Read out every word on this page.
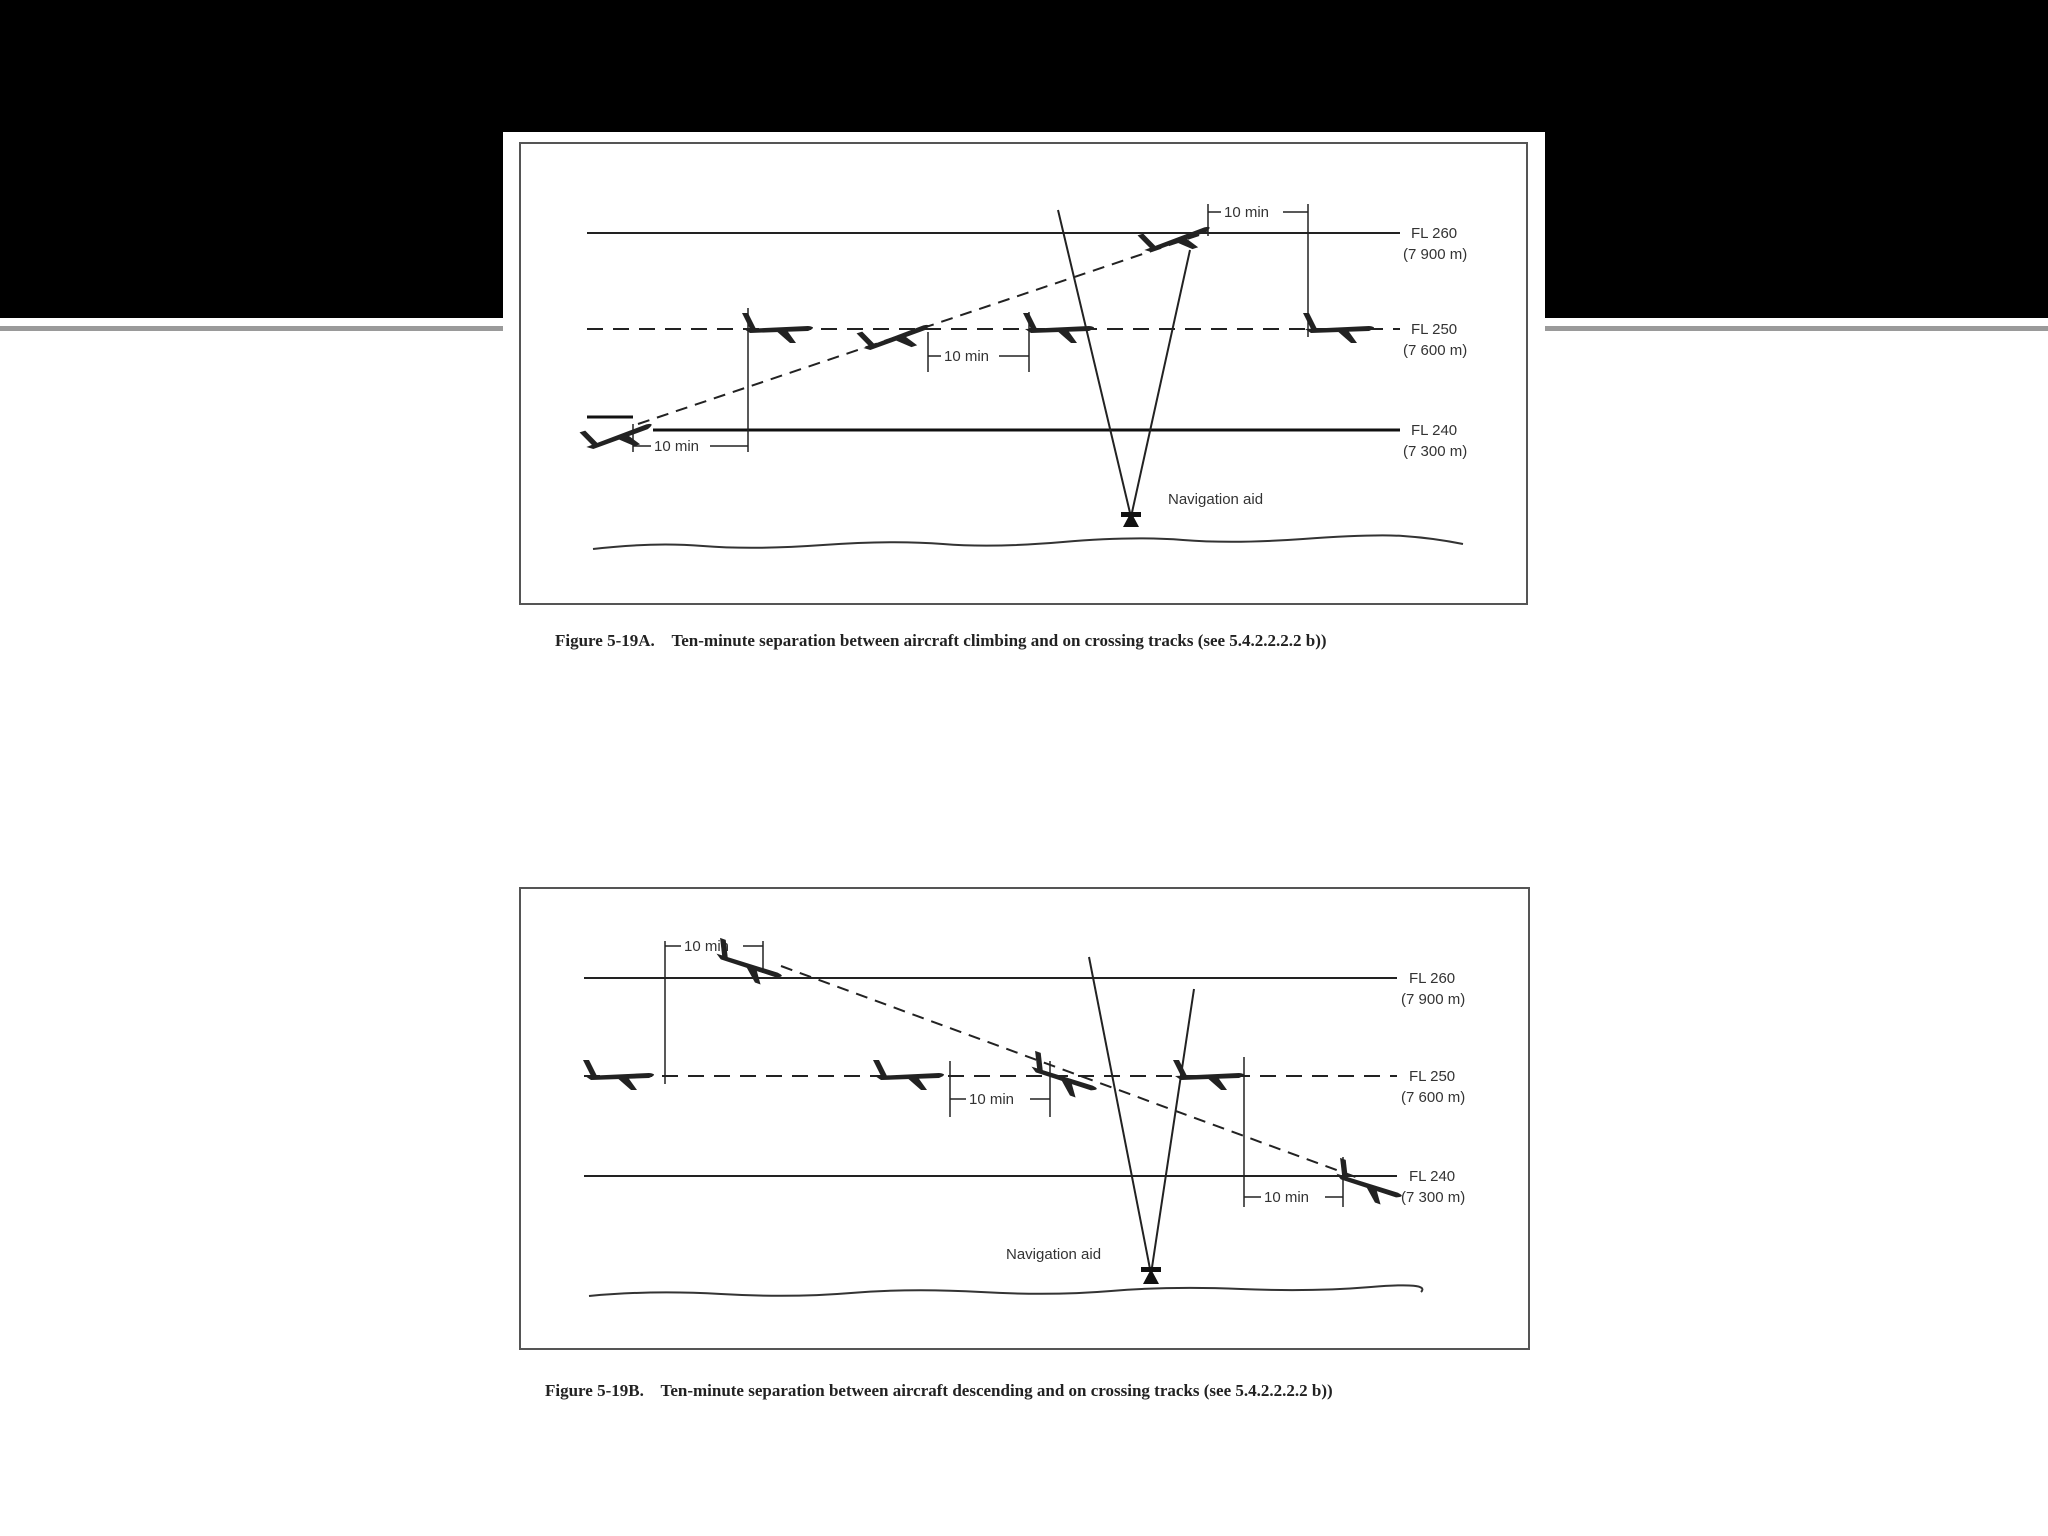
10 min
10 min
10 min
FL 260
(7 900 m)
FL 250
(7 600 m)
FL 240
(7 300 m)
Navigation aid
Figure 5-19A.    Ten-minute separation between aircraft climbing and on crossing tracks (see 5.4.2.2.2.2 b))
10 min
10 min
10 min
FL 260
(7 900 m)
FL 250
(7 600 m)
FL 240
(7 300 m)
Navigation aid
Figure 5-19B.    Ten-minute separation between aircraft descending and on crossing tracks (see 5.4.2.2.2.2 b))
